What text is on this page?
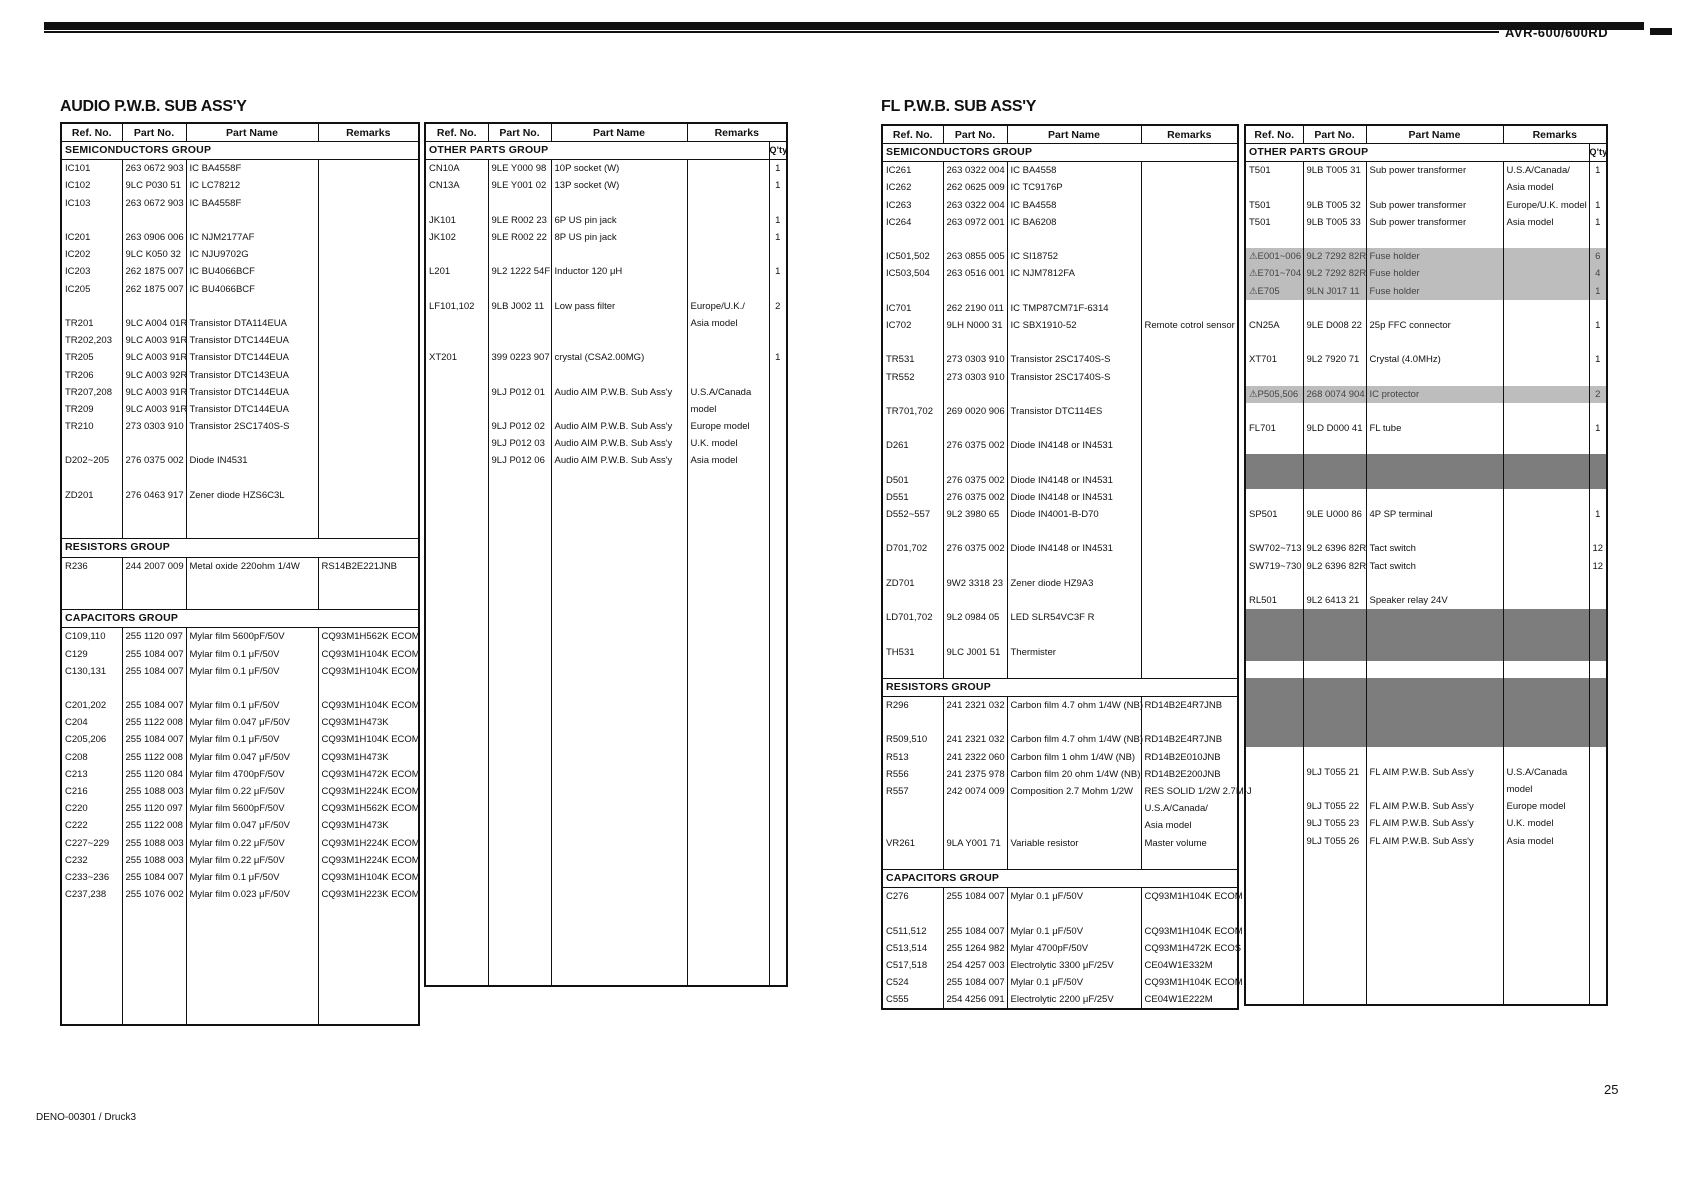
AVR-600/600RD
AUDIO P.W.B. SUB ASS'Y	FL P.W.B. SUB ASS'Y
Ref. No.	Part No.	Part Name	Remarks
SEMICONDUCTORS GROUP			
IC101	263 0672 903	IC BA4558F	
IC102	9LC P030 51	IC LC78212	
IC103	263 0672 903	IC BA4558F	

IC201	263 0906 006	IC NJM2177AF	
IC202	9LC K050 32	IC NJU9702G	
IC203	262 1875 007	IC BU4066BCF	
IC205	262 1875 007	IC BU4066BCF	

TR201	9LC A004 01R	Transistor DTA114EUA	
TR202,203	9LC A003 91R	Transistor DTC144EUA	
TR205	9LC A003 91R	Transistor DTC144EUA	
TR206	9LC A003 92R	Transistor DTC143EUA	
TR207,208	9LC A003 91R	Transistor DTC144EUA	
TR209	9LC A003 91R	Transistor DTC144EUA	
TR210	273 0303 910	Transistor 2SC1740S-S	

D202~205	276 0375 002	Diode IN4531	

ZD201	276 0463 917	Zener diode HZS6C3L	

RESISTORS GROUP			
R236	244 2007 009	Metal oxide 220ohm 1/4W	RS14B2E221JNB

CAPACITORS GROUP			
C109,110	255 1120 097	Mylar film 5600pF/50V	CQ93M1H562K ECOM
C129	255 1084 007	Mylar film 0.1 μF/50V	CQ93M1H104K ECOM
C130,131	255 1084 007	Mylar film 0.1 μF/50V	CQ93M1H104K ECOM

C201,202	255 1084 007	Mylar film 0.1 μF/50V	CQ93M1H104K ECOM
C204	255 1122 008	Mylar film 0.047 μF/50V	CQ93M1H473K
C205,206	255 1084 007	Mylar film 0.1 μF/50V	CQ93M1H104K ECOM
C208	255 1122 008	Mylar film 0.047 μF/50V	CQ93M1H473K
C213	255 1120 084	Mylar film 4700pF/50V	CQ93M1H472K ECOM
C216	255 1088 003	Mylar film 0.22 μF/50V	CQ93M1H224K ECOM
C220	255 1120 097	Mylar film 5600pF/50V	CQ93M1H562K ECOM
C222	255 1122 008	Mylar film 0.047 μF/50V	CQ93M1H473K
C227~229	255 1088 003	Mylar film 0.22 μF/50V	CQ93M1H224K ECOM
C232	255 1088 003	Mylar film 0.22 μF/50V	CQ93M1H224K ECOM
C233~236	255 1084 007	Mylar film 0.1 μF/50V	CQ93M1H104K ECOM
C237,238	255 1076 002	Mylar film 0.023 μF/50V	CQ93M1H223K ECOM

Ref. No.	Part No.	Part Name	Remarks	
OTHER PARTS GROUP				Q'ty
CN10A	9LE Y000 98	10P socket (W)		1
CN13A	9LE Y001 02	13P socket (W)		1

JK101	9LE R002 23	6P US pin jack		1
JK102	9LE R002 22	8P US pin jack		1

L201	9L2 1222 54F	Inductor 120 μH		1

LF101,102	9LB J002 11	Low pass filter	Europe/U.K./	2
			Asia model	

XT201	399 0223 907	crystal (CSA2.00MG)		1

	9LJ P012 01	Audio AIM P.W.B. Sub Ass'y	U.S.A/Canada	
			model	
	9LJ P012 02	Audio AIM P.W.B. Sub Ass'y	Europe model	
	9LJ P012 03	Audio AIM P.W.B. Sub Ass'y	U.K. model	
	9LJ P012 06	Audio AIM P.W.B. Sub Ass'y	Asia model	

Ref. No.	Part No.	Part Name	Remarks
SEMICONDUCTORS GROUP			
IC261	263 0322 004	IC BA4558	
IC262	262 0625 009	IC TC9176P	
IC263	263 0322 004	IC BA4558	
IC264	263 0972 001	IC BA6208	

IC501,502	263 0855 005	IC SI18752	
IC503,504	263 0516 001	IC NJM7812FA	

IC701	262 2190 011	IC TMP87CM71F-6314	
IC702	9LH N000 31	IC SBX1910-52	Remote cotrol sensor

TR531	273 0303 910	Transistor 2SC1740S-S	
TR552	273 0303 910	Transistor 2SC1740S-S	

TR701,702	269 0020 906	Transistor DTC114ES	

D261	276 0375 002	Diode IN4148 or IN4531	

D501	276 0375 002	Diode IN4148 or IN4531	
D551	276 0375 002	Diode IN4148 or IN4531	
D552~557	9L2 3980 65	Diode IN4001-B-D70	

D701,702	276 0375 002	Diode IN4148 or IN4531	

ZD701	9W2 3318 23	Zener diode HZ9A3	

LD701,702	9L2 0984 05	LED SLR54VC3F R	

TH531	9LC J001 51	Thermister	

RESISTORS GROUP			
R296	241 2321 032	Carbon film 4.7 ohm 1/4W (NB)	RD14B2E4R7JNB

R509,510	241 2321 032	Carbon film 4.7 ohm 1/4W (NB)	RD14B2E4R7JNB
R513	241 2322 060	Carbon film 1 ohm 1/4W (NB)	RD14B2E010JNB
R556	241 2375 978	Carbon film 20 ohm 1/4W (NB)	RD14B2E200JNB
R557	242 0074 009	Composition 2.7 Mohm 1/2W	RES SOLID 1/2W 2.7M-J
			U.S.A/Canada/
			Asia model
VR261	9LA Y001 71	Variable resistor	Master volume

CAPACITORS GROUP			
C276	255 1084 007	Mylar 0.1 μF/50V	CQ93M1H104K ECOM

C511,512	255 1084 007	Mylar 0.1 μF/50V	CQ93M1H104K ECOM
C513,514	255 1264 982	Mylar 4700pF/50V	CQ93M1H472K ECOS
C517,518	254 4257 003	Electrolytic 3300 μF/25V	CE04W1E332M
C524	255 1084 007	Mylar 0.1 μF/50V	CQ93M1H104K ECOM
C555	254 4256 091	Electrolytic 2200 μF/25V	CE04W1E222M
Ref. No.	Part No.	Part Name	Remarks	
OTHER PARTS GROUP				Q'ty
T501	9LB T005 31	Sub power transformer	U.S.A/Canada/	1
			Asia model	
T501	9LB T005 32	Sub power transformer	Europe/U.K. model	1
T501	9LB T005 33	Sub power transformer	Asia model	1

⚠E001~006	9L2 7292 82R	Fuse holder		6
⚠E701~704	9L2 7292 82R	Fuse holder		4
⚠E705	9LN J017 11	Fuse holder		1

CN25A	9LE D008 22	25p FFC connector		1

XT701	9L2 7920 71	Crystal (4.0MHz)		1

⚠P505,506	268 0074 904	IC protector		2

FL701	9LD D000 41	FL tube		1

SP501	9LE U000 86	4P SP terminal		1

SW702~713	9L2 6396 82R	Tact switch		12
SW719~730	9L2 6396 82R	Tact switch		12

RL501	9L2 6413 21	Speaker relay 24V		

	9LJ T055 21	FL AIM P.W.B. Sub Ass'y	U.S.A/Canada	
			model	
	9LJ T055 22	FL AIM P.W.B. Sub Ass'y	Europe model	
	9LJ T055 23	FL AIM P.W.B. Sub Ass'y	U.K. model	
	9LJ T055 26	FL AIM P.W.B. Sub Ass'y	Asia model	

25
DENO-00301 / Druck3
